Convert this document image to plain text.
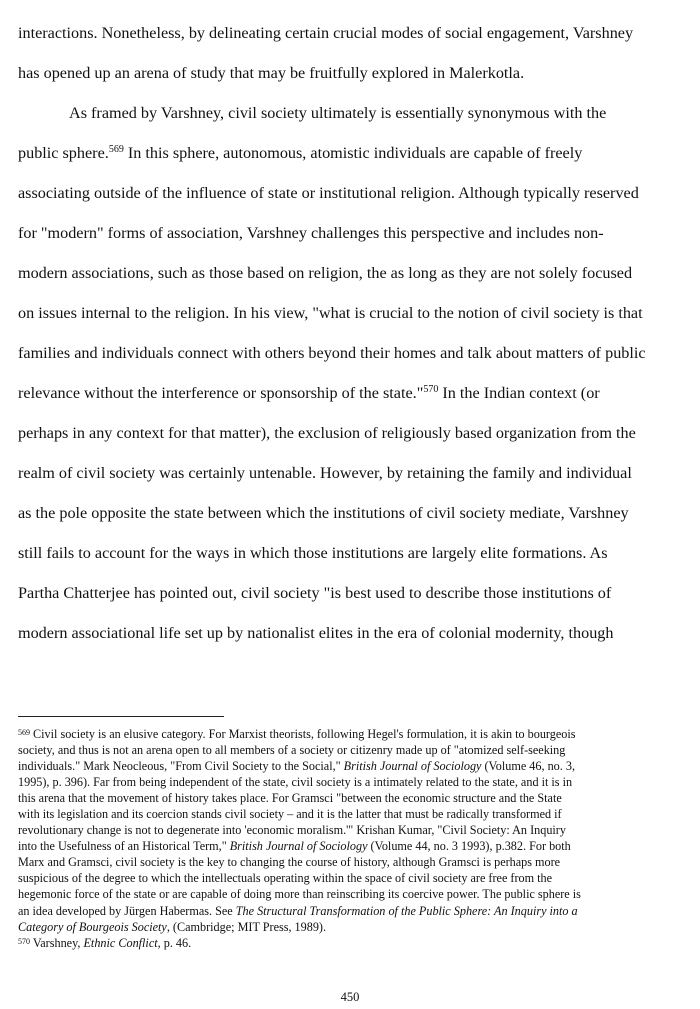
interactions. Nonetheless, by delineating certain crucial modes of social engagement, Varshney
has opened up an arena of study that may be fruitfully explored in Malerkotla.
As framed by Varshney, civil society ultimately is essentially synonymous with the
public sphere.$^{569}$ In this sphere, autonomous, atomistic individuals are capable of freely
associating outside of the influence of state or institutional religion. Although typically reserved
for "modern" forms of association, Varshney challenges this perspective and includes non-
modern associations, such as those based on religion, the as long as they are not solely focused
on issues internal to the religion. In his view, "what is crucial to the notion of civil society is that
families and individuals connect with others beyond their homes and talk about matters of public
relevance without the interference or sponsorship of the state."$^{570}$ In the Indian context (or
perhaps in any context for that matter), the exclusion of religiously based organization from the
realm of civil society was certainly untenable. However, by retaining the family and individual
as the pole opposite the state between which the institutions of civil society mediate, Varshney
still fails to account for the ways in which those institutions are largely elite formations. As
Partha Chatterjee has pointed out, civil society "is best used to describe those institutions of
modern associational life set up by nationalist elites in the era of colonial modernity, though
$^{569}$ Civil society is an elusive category. For Marxist theorists, following Hegel's formulation, it is akin to bourgeois
society, and thus is not an arena open to all members of a society or citizenry made up of "atomized self-seeking
individuals." Mark Neocleous, "From Civil Society to the Social," British Journal of Sociology (Volume 46, no. 3,
1995), p. 396). Far from being independent of the state, civil society is a intimately related to the state, and it is in
this arena that the movement of history takes place. For Gramsci "between the economic structure and the State
with its legislation and its coercion stands civil society – and it is the latter that must be radically transformed if
revolutionary change is not to degenerate into 'economic moralism.'" Krishan Kumar, "Civil Society: An Inquiry
into the Usefulness of an Historical Term," British Journal of Sociology (Volume 44, no. 3 1993), p.382. For both
Marx and Gramsci, civil society is the key to changing the course of history, although Gramsci is perhaps more
suspicious of the degree to which the intellectuals operating within the space of civil society are free from the
hegemonic force of the state or are capable of doing more than reinscribing its coercive power. The public sphere is
an idea developed by Jürgen Habermas. See The Structural Transformation of the Public Sphere: An Inquiry into a
Category of Bourgeois Society, (Cambridge; MIT Press, 1989).
$^{570}$ Varshney, Ethnic Conflict, p. 46.
450
